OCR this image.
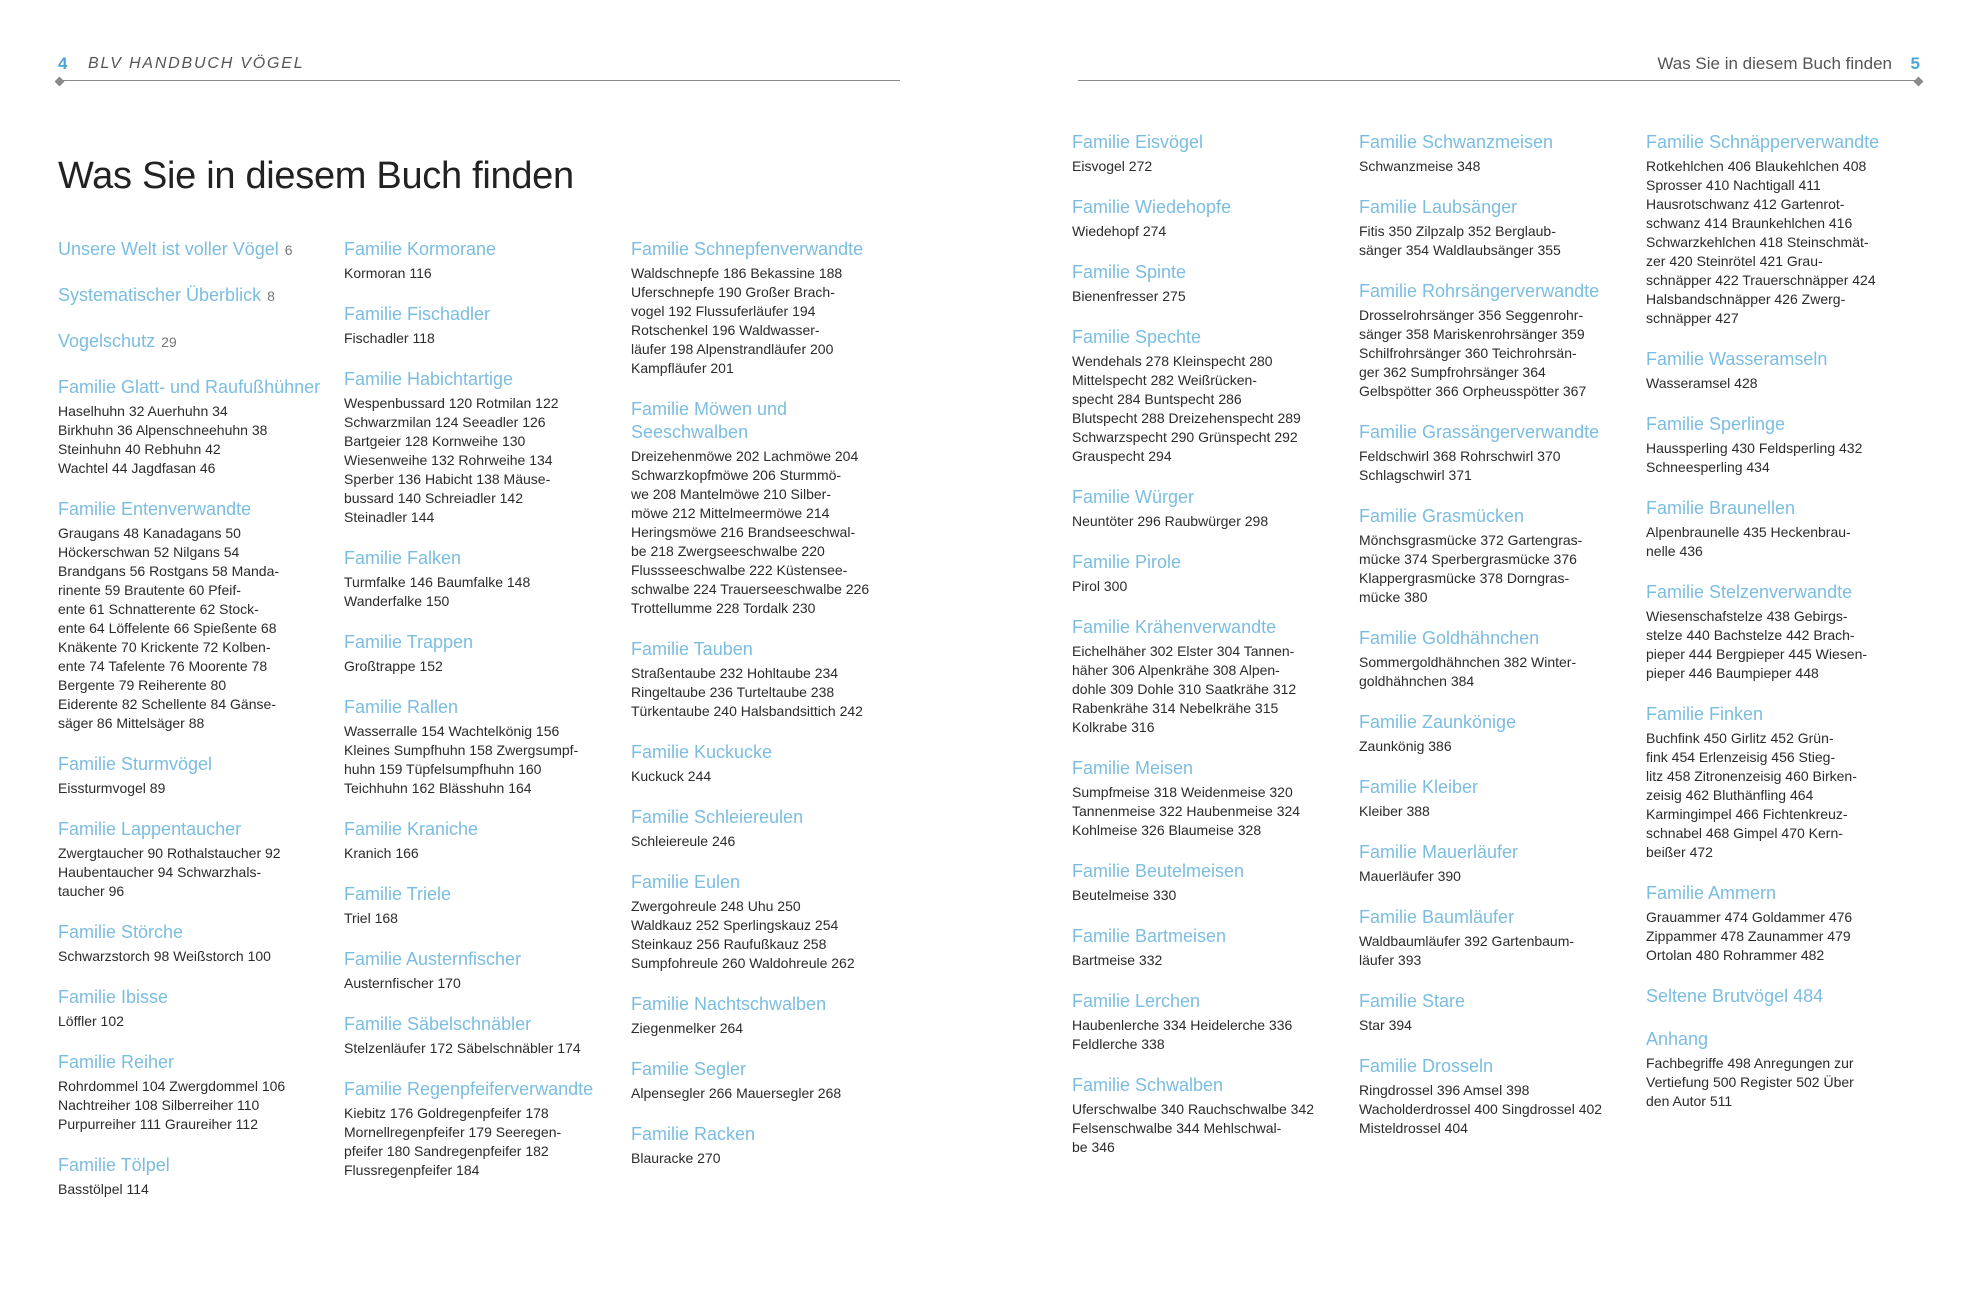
4 BLV HANDBUCH VÖGEL
Was Sie in diesem Buch finden
Was Sie in diesem Buch finden 5
Unsere Welt ist voller Vögel 6
Systematischer Überblick 8
Vogelschutz 29
Familie Glatt- und Raufußhühner
Haselhuhn 32 Auerhuhn 34
Birkhuhn 36 Alpenschneehuhn 38
Steinhuhn 40 Rebhuhn 42
Wachtel 44 Jagdfasan 46
Familie Entenverwandte
Graugans 48 Kanadagans 50
Höckerschwan 52 Nilgans 54
Brandgans 56 Rostgans 58 Manda-
rinente 59 Brautente 60 Pfeif-
ente 61 Schnatterente 62 Stock-
ente 64 Löffelente 66 Spießente 68
Knäkente 70 Krickente 72 Kolben-
ente 74 Tafelente 76 Moorente 78
Bergente 79 Reiherente 80
Eiderente 82 Schellente 84 Gänse-
säger 86 Mittelsäger 88
Familie Sturmvögel
Eissturmvogel 89
Familie Lappentaucher
Zwergtaucher 90 Rothalstaucher 92
Haubentaucher 94 Schwarzhals-
taucher 96
Familie Störche
Schwarzstorch 98 Weißstorch 100
Familie Ibisse
Löffler 102
Familie Reiher
Rohrdommel 104 Zwergdommel 106
Nachtreiher 108 Silberreiher 110
Purpurreiher 111 Graureiher 112
Familie Tölpel
Basstölpel 114
Familie Kormorane
Kormoran 116
Familie Fischadler
Fischadler 118
Familie Habichtartige
Wespenbussard 120 Rotmilan 122
Schwarzmilan 124 Seeadler 126
Bartgeier 128 Kornweihe 130
Wiesenweihe 132 Rohrweihe 134
Sperber 136 Habicht 138 Mäuse-
bussard 140 Schreiadler 142
Steinadler 144
Familie Falken
Turmfalke 146 Baumfalke 148
Wanderfalke 150
Familie Trappen
Großtrappe 152
Familie Rallen
Wasserralle 154 Wachtelkönig 156
Kleines Sumpfhuhn 158 Zwergsumpf-
huhn 159 Tüpfelsumpfhuhn 160
Teichhuhn 162 Blässhuhn 164
Familie Kraniche
Kranich 166
Familie Triele
Triel 168
Familie Austernfischer
Austernfischer 170
Familie Säbelschnäbler
Stelzenläufer 172 Säbelschnäbler 174
Familie Regenpfeiferverwandte
Kiebitz 176 Goldregenpfeifer 178
Mornellregenpfeifer 179 Seeregen-
pfeifer 180 Sandregenpfeifer 182
Flussregenpfeifer 184
Familie Schnepfenverwandte
Waldschnepfe 186 Bekassine 188
Uferschnepfe 190 Großer Brach-
vogel 192 Flussuferläufer 194
Rotschenkel 196 Waldwasser-
läufer 198 Alpenstrandläufer 200
Kampfläufer 201
Familie Möwen und Seeschwalben
Dreizehenmöwe 202 Lachmöwe 204
Schwarzkopfmöwe 206 Sturmmö-
we 208 Mantelmöwe 210 Silber-
möwe 212 Mittelmeermöwe 214
Heringsmöwe 216 Brandseeschwal-
be 218 Zwergseeschwalbe 220
Flussseeschwalbe 222 Küstensee-
schwalbe 224 Trauerseeschwalbe 226
Trottellumme 228 Tordalk 230
Familie Tauben
Straßentaube 232 Hohltaube 234
Ringeltaube 236 Turteltaube 238
Türkentaube 240 Halsbandsittich 242
Familie Kuckucke
Kuckuck 244
Familie Schleiereulen
Schleiereule 246
Familie Eulen
Zwergohreule 248 Uhu 250
Waldkauz 252 Sperlingskauz 254
Steinkauz 256 Raufußkauz 258
Sumpfohreule 260 Waldohreule 262
Familie Nachtschwalben
Ziegenmelker 264
Familie Segler
Alpensegler 266 Mauersegler 268
Familie Racken
Blauracke 270
Familie Eisvögel
Eisvogel 272
Familie Wiedehopfe
Wiedehopf 274
Familie Spinte
Bienenfresser 275
Familie Spechte
Wendehals 278 Kleinspecht 280
Mittelspecht 282 Weißrücken-
specht 284 Buntspecht 286
Blutspecht 288 Dreizehenspecht 289
Schwarzspecht 290 Grünspecht 292
Grauspecht 294
Familie Würger
Neuntöter 296 Raubwürger 298
Familie Pirole
Pirol 300
Familie Krähenverwandte
Eichelhäher 302 Elster 304 Tannen-
häher 306 Alpenkrähe 308 Alpen-
dohle 309 Dohle 310 Saatkrähe 312
Rabenkrähe 314 Nebelkrähe 315
Kolkrabe 316
Familie Meisen
Sumpfmeise 318 Weidenmeise 320
Tannenmeise 322 Haubenmeise 324
Kohlmeise 326 Blaumeise 328
Familie Beutelmeisen
Beutelmeise 330
Familie Bartmeisen
Bartmeise 332
Familie Lerchen
Haubenlerche 334 Heidelerche 336
Feldlerche 338
Familie Schwalben
Uferschwalbe 340 Rauchschwalbe 342
Felsenschwalbe 344 Mehlschwal-
be 346
Familie Schwanzmeisen
Schwanzmeise 348
Familie Laubsänger
Fitis 350 Zilpzalp 352 Berglaub-
sänger 354 Waldlaubsänger 355
Familie Rohrsängerverwandte
Drosselrohrsänger 356 Seggenrohr-
sänger 358 Mariskenrohrsänger 359
Schilfrohrsänger 360 Teichrohrsän-
ger 362 Sumpfrohrsänger 364
Gelbspötter 366 Orpheusspötter 367
Familie Grassängerverwandte
Feldschwirl 368 Rohrschwirl 370
Schlagschwirl 371
Familie Grasmücken
Mönchsgrasmücke 372 Gartengras-
mücke 374 Sperbergrasmücke 376
Klappergrasmücke 378 Dorngras-
mücke 380
Familie Goldhähnchen
Sommergoldhähnchen 382 Winter-
goldhähnchen 384
Familie Zaunkönige
Zaunkönig 386
Familie Kleiber
Kleiber 388
Familie Mauerläufer
Mauerläufer 390
Familie Baumläufer
Waldbaumläufer 392 Gartenbaum-
läufer 393
Familie Stare
Star 394
Familie Drosseln
Ringdrossel 396 Amsel 398
Wacholderdrossel 400 Singdrossel 402
Misteldrossel 404
Familie Schnäpperverwandte
Rotkehlchen 406 Blaukehlchen 408
Sprosser 410 Nachtigall 411
Hausrotschwanz 412 Gartenrot-
schwanz 414 Braunkehlchen 416
Schwarzkehlchen 418 Steinschmät-
zer 420 Steinrötel 421 Grau-
schnäpper 422 Trauerschnäpper 424
Halsbandschnäpper 426 Zwerg-
schnäpper 427
Familie Wasseramseln
Wasseramsel 428
Familie Sperlinge
Haussperling 430 Feldsperling 432
Schneesperling 434
Familie Braunellen
Alpenbraunelle 435 Heckenbrau-
nelle 436
Familie Stelzenverwandte
Wiesenschafstelze 438 Gebirgs-
stelze 440 Bachstelze 442 Brach-
pieper 444 Bergpieper 445 Wiesen-
pieper 446 Baumpieper 448
Familie Finken
Buchfink 450 Girlitz 452 Grün-
fink 454 Erlenzeisig 456 Stieg-
litz 458 Zitronenzeisig 460 Birken-
zeisig 462 Bluthänfling 464
Karmingimpel 466 Fichtenkreuz-
schnabel 468 Gimpel 470 Kern-
beißer 472
Familie Ammern
Grauammer 474 Goldammer 476
Zippammer 478 Zaunammer 479
Ortolan 480 Rohrammer 482
Seltene Brutvögel 484
Anhang
Fachbegriffe 498 Anregungen zur
Vertiefung 500 Register 502 Über
den Autor 511
